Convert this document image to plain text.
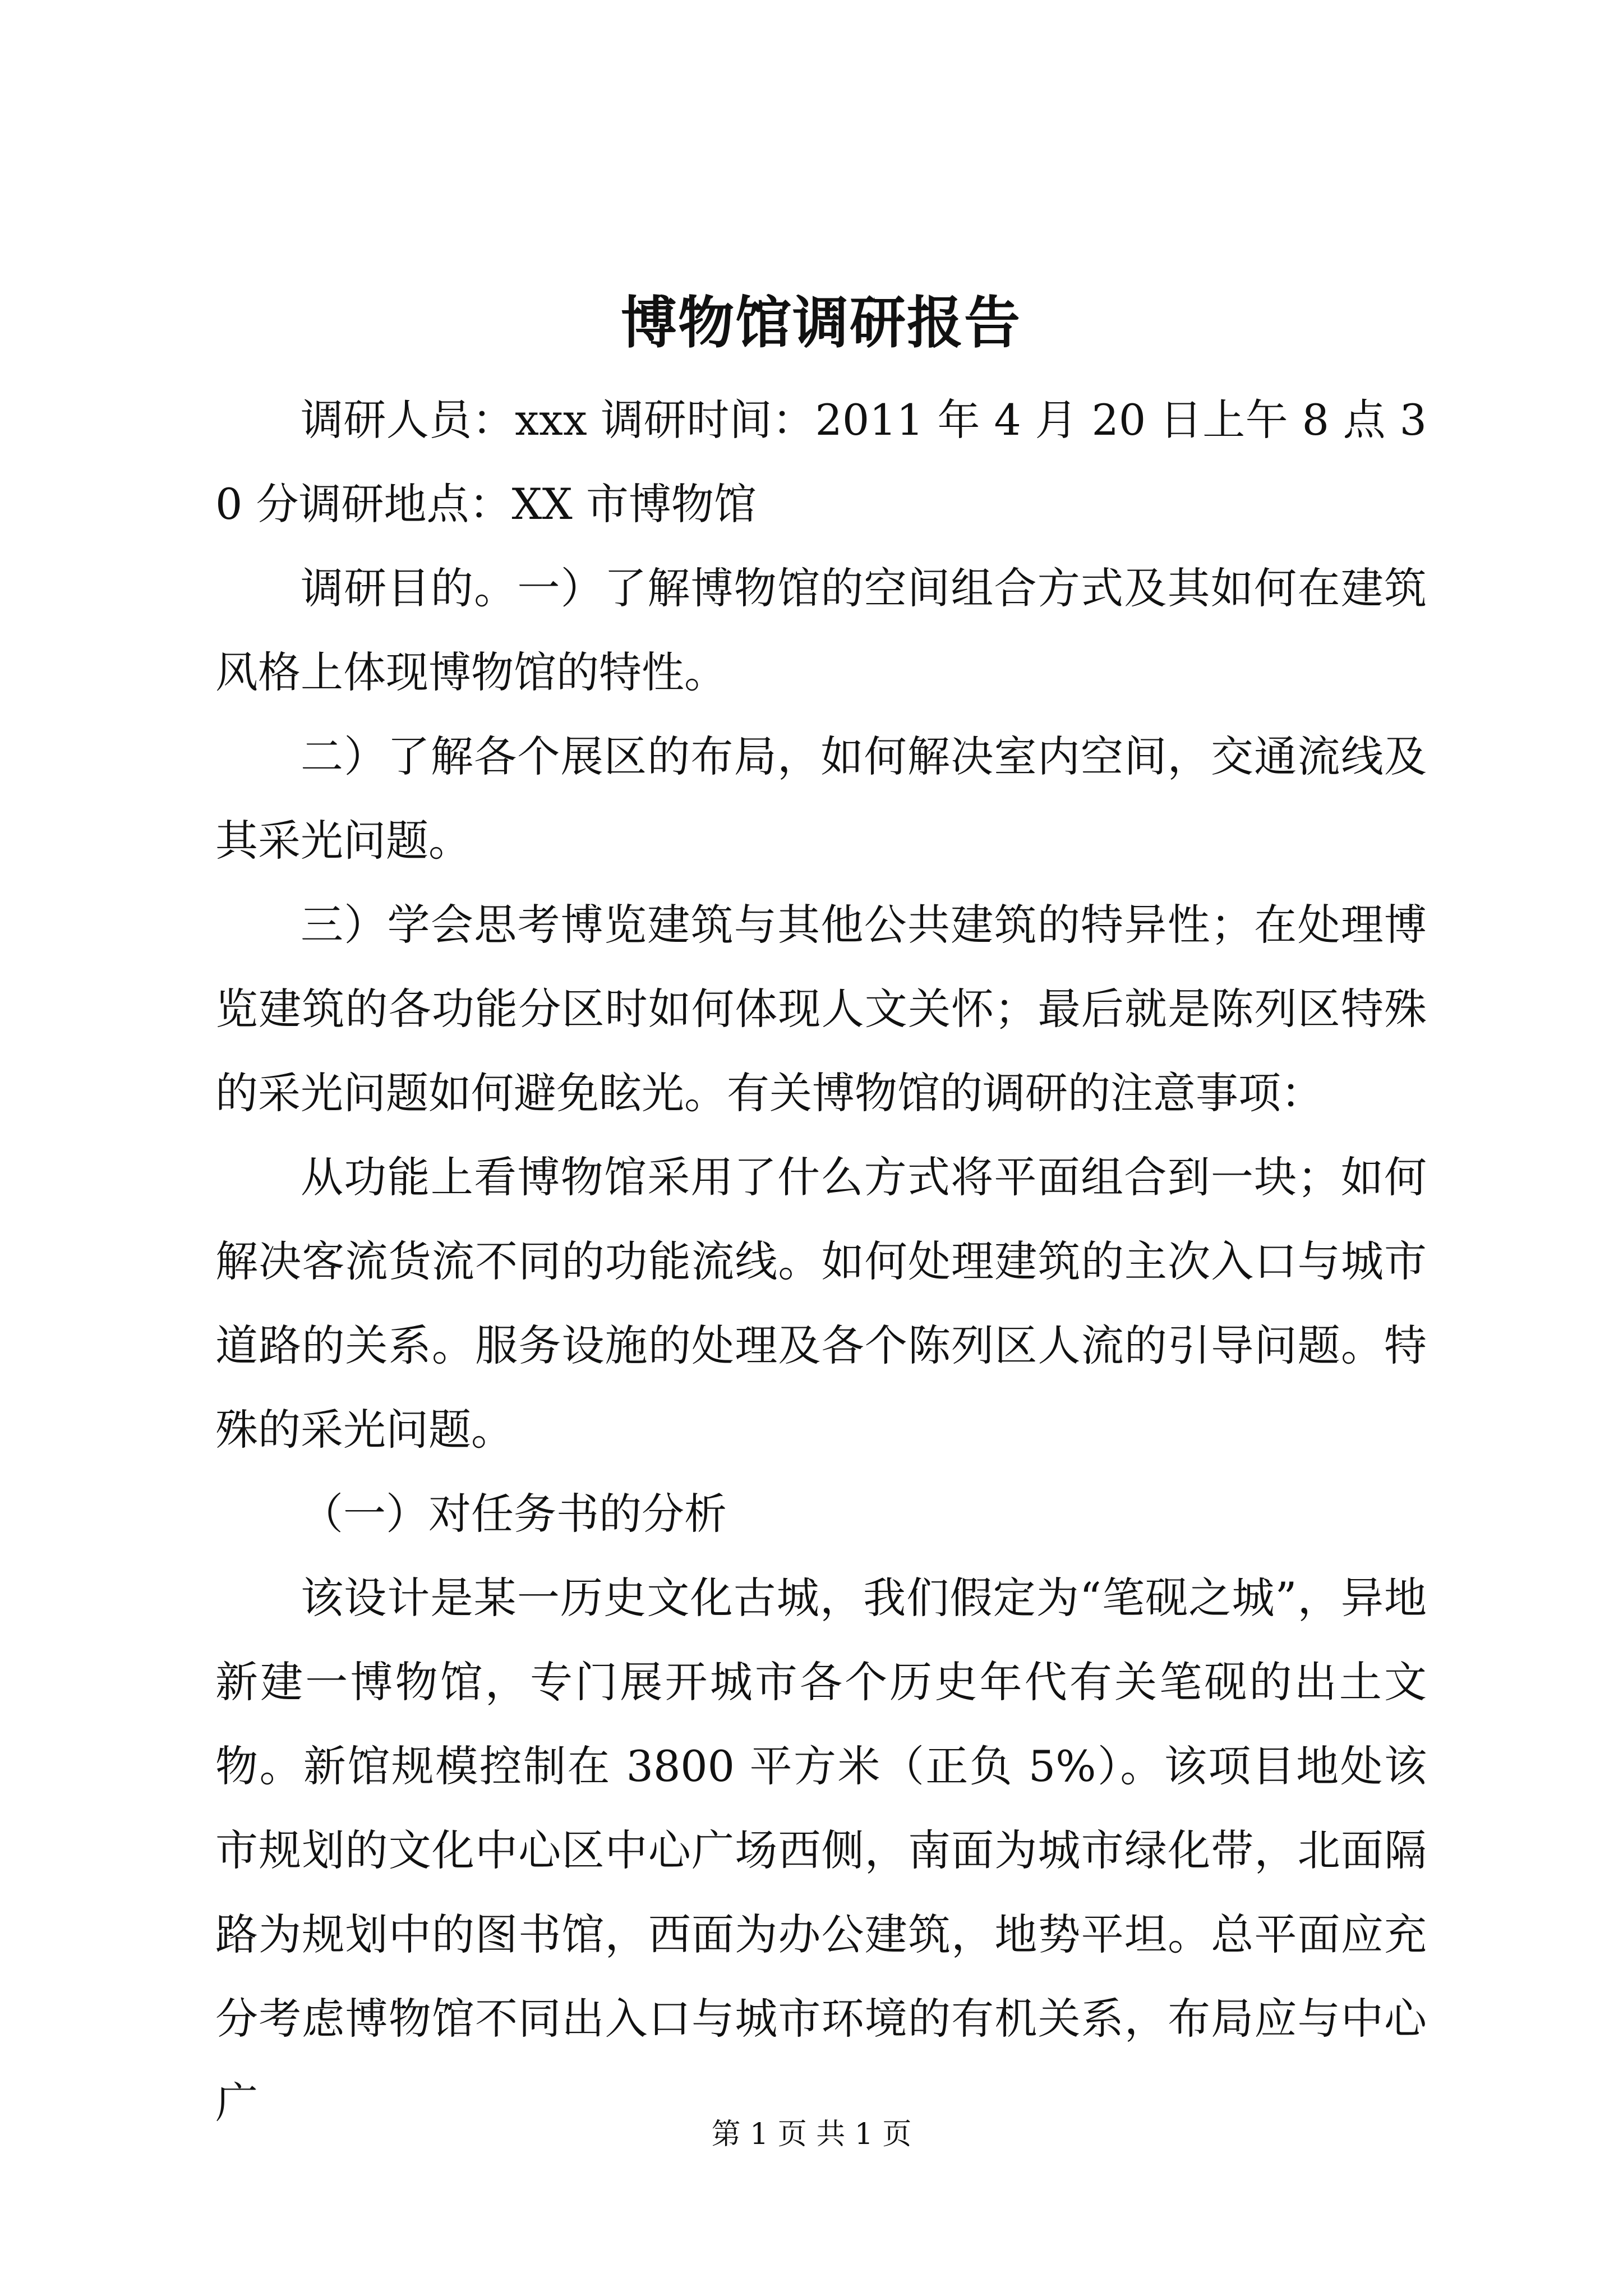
博物馆调研报告

调研人员：xxx 调研时间：2011 年 4 月 20 日上午 8 点 30 分调研地点：XX 市博物馆

调研目的。一）了解博物馆的空间组合方式及其如何在建筑风格上体现博物馆的特性。

二）了解各个展区的布局，如何解决室内空间，交通流线及其采光问题。

三）学会思考博览建筑与其他公共建筑的特异性；在处理博览建筑的各功能分区时如何体现人文关怀；最后就是陈列区特殊的采光问题如何避免眩光。有关博物馆的调研的注意事项：

从功能上看博物馆采用了什么方式将平面组合到一块；如何解决客流货流不同的功能流线。如何处理建筑的主次入口与城市道路的关系。服务设施的处理及各个陈列区人流的引导问题。特殊的采光问题。

（一）对任务书的分析

该设计是某一历史文化古城，我们假定为“笔砚之城”，异地新建一博物馆，专门展开城市各个历史年代有关笔砚的出土文物。新馆规模控制在 3800 平方米（正负 5%）。该项目地处该市规划的文化中心区中心广场西侧，南面为城市绿化带，北面隔路为规划中的图书馆，西面为办公建筑，地势平坦。总平面应充分考虑博物馆不同出入口与城市环境的有机关系，布局应与中心广

第 1 页 共 1 页
